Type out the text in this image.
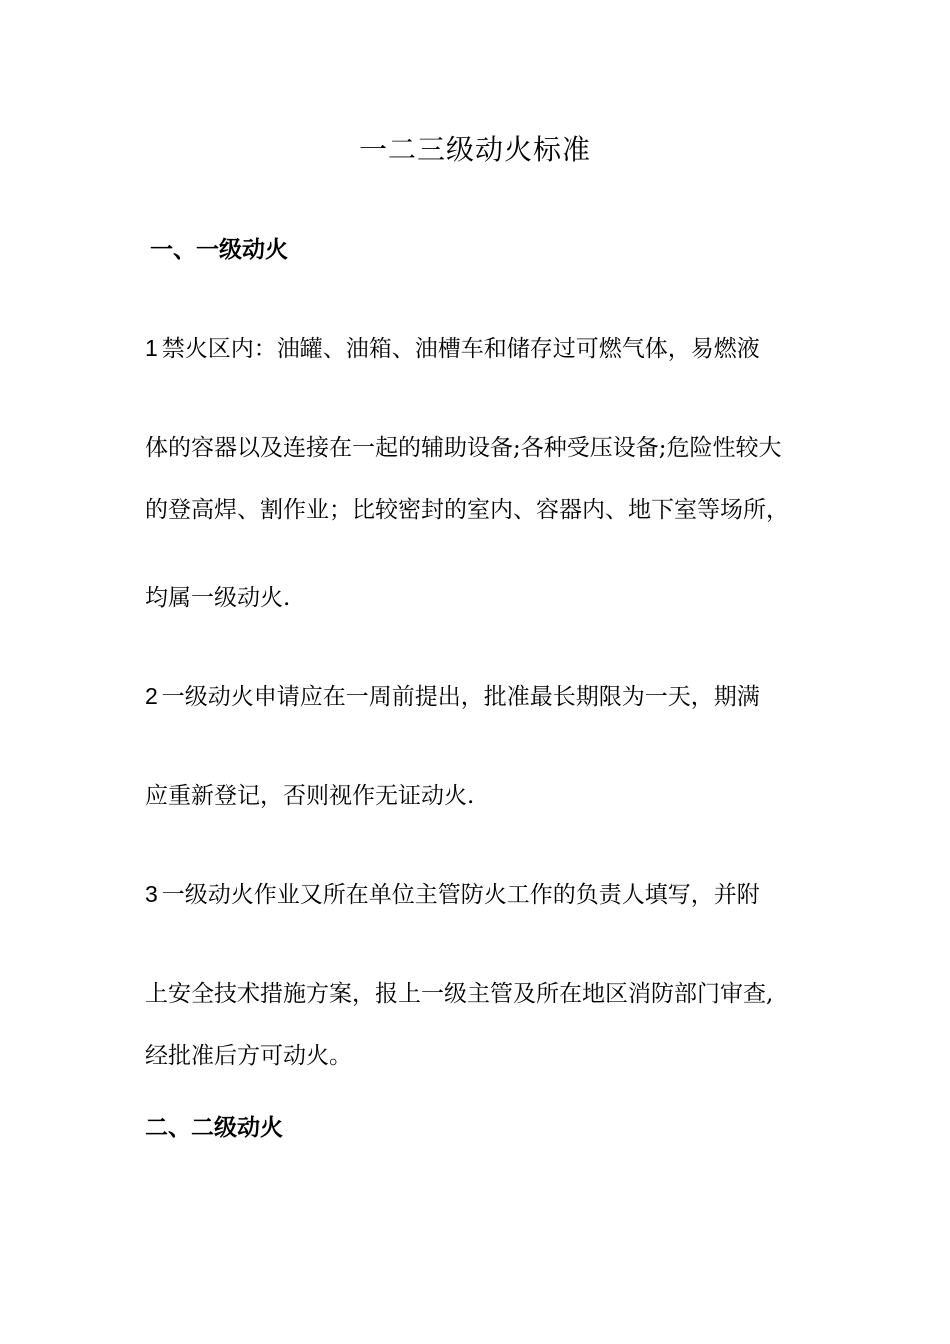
一二三级动火标准
一、一级动火
1 禁火区内：油罐、油箱、油槽车和储存过可燃气体，易燃液
体的容器以及连接在一起的辅助设备;各种受压设备;危险性较大
的登高焊、割作业；比较密封的室内、容器内、地下室等场所，
均属一级动火.
2 一级动火申请应在一周前提出，批准最长期限为一天，期满
应重新登记，否则视作无证动火.
3 一级动火作业又所在单位主管防火工作的负责人填写，并附
上安全技术措施方案，报上一级主管及所在地区消防部门审查,
经批准后方可动火。
二、二级动火
